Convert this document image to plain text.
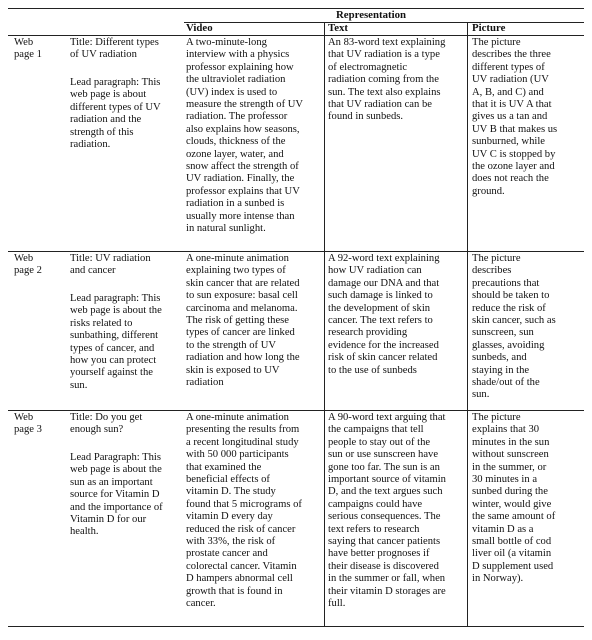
Representation
Video	Text	Picture
Web
page 1
Title: Different types
of UV radiation
Lead paragraph: This
web page is about
different types of UV
radiation and the
strength of this
radiation.
A two-minute-long
interview with a physics
professor explaining how
the ultraviolet radiation
(UV) index is used to
measure the strength of UV
radiation. The professor
also explains how seasons,
clouds, thickness of the
ozone layer, water, and
snow affect the strength of
UV radiation. Finally, the
professor explains that UV
radiation in a sunbed is
usually more intense than
in natural sunlight.
An 83-word text explaining
that UV radiation is a type
of electromagnetic
radiation coming from the
sun. The text also explains
that UV radiation can be
found in sunbeds.
The picture
describes the three
different types of
UV radiation (UV
A, B, and C) and
that it is UV A that
gives us a tan and
UV B that makes us
sunburned, while
UV C is stopped by
the ozone layer and
does not reach the
ground.
Web
page 2
Title: UV radiation
and cancer
Lead paragraph: This
web page is about the
risks related to
sunbathing, different
types of cancer, and
how you can protect
yourself against the
sun.
A one-minute animation
explaining two types of
skin cancer that are related
to sun exposure: basal cell
carcinoma and melanoma.
The risk of getting these
types of cancer are linked
to the strength of UV
radiation and how long the
skin is exposed to UV
radiation
A 92-word text explaining
how UV radiation can
damage our DNA and that
such damage is linked to
the development of skin
cancer. The text refers to
research providing
evidence for the increased
risk of skin cancer related
to the use of sunbeds
The picture
describes
precautions that
should be taken to
reduce the risk of
skin cancer, such as
sunscreen, sun
glasses, avoiding
sunbeds, and
staying in the
shade/out of the
sun.
Web
page 3
Title: Do you get
enough sun?
Lead Paragraph: This
web page is about the
sun as an important
source for Vitamin D
and the importance of
Vitamin D for our
health.
A one-minute animation
presenting the results from
a recent longitudinal study
with 50 000 participants
that examined the
beneficial effects of
vitamin D. The study
found that 5 micrograms of
vitamin D every day
reduced the risk of cancer
with 33%, the risk of
prostate cancer and
colorectal cancer. Vitamin
D hampers abnormal cell
growth that is found in
cancer.
A 90-word text arguing that
the campaigns that tell
people to stay out of the
sun or use sunscreen have
gone too far. The sun is an
important source of vitamin
D, and the text argues such
campaigns could have
serious consequences. The
text refers to research
saying that cancer patients
have better prognoses if
their disease is discovered
in the summer or fall, when
their vitamin D storages are
full.
The picture
explains that 30
minutes in the sun
without sunscreen
in the summer, or
30 minutes in a
sunbed during the
winter, would give
the same amount of
vitamin D as a
small bottle of cod
liver oil (a vitamin
D supplement used
in Norway).
